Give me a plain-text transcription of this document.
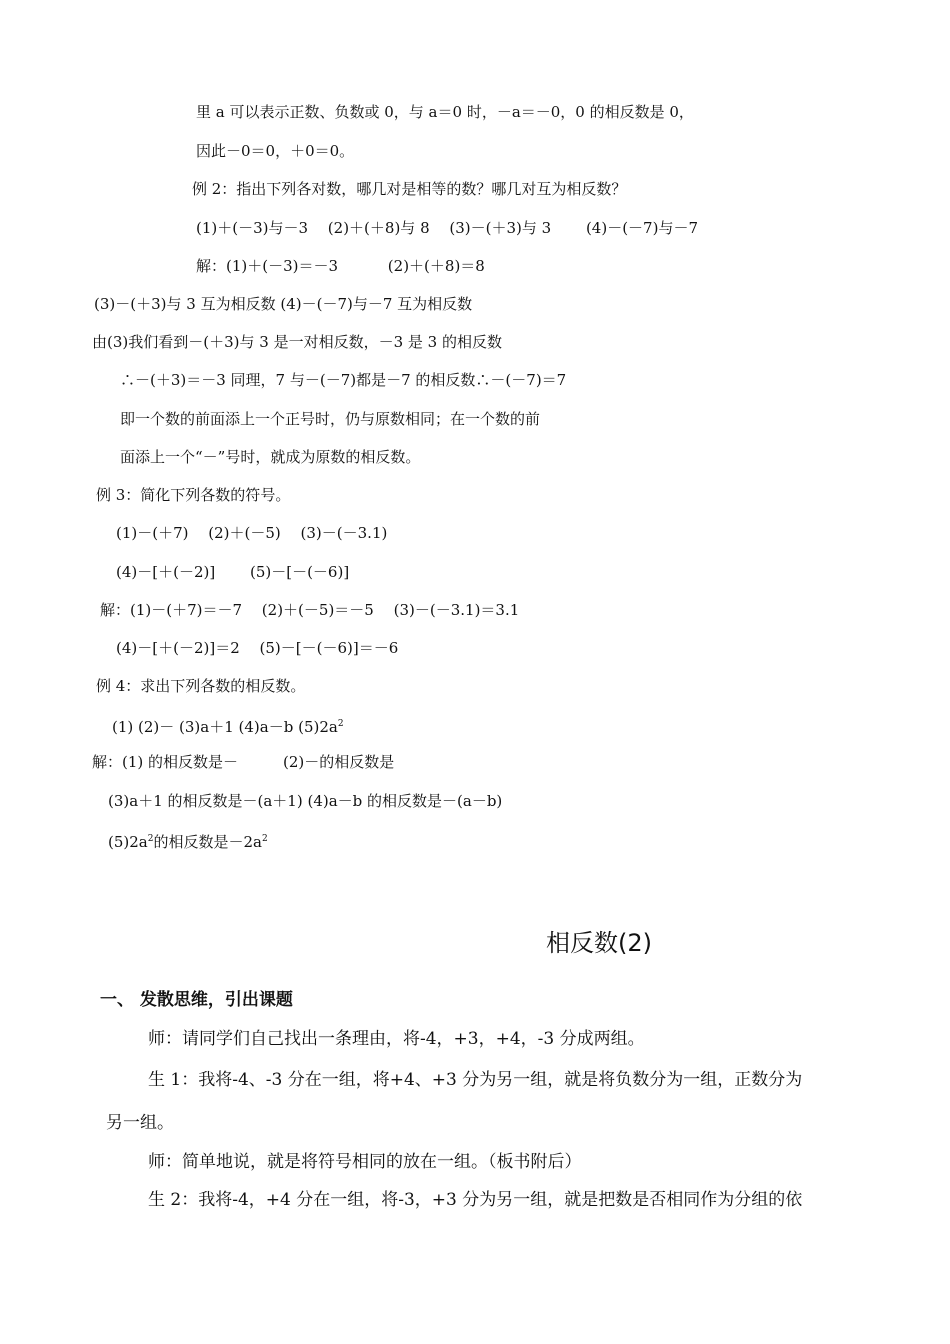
里 a 可以表示正数、负数或 0，与 a＝0 时，－a＝－0，0 的相反数是 0，
因此－0＝0，＋0＝0。
例 2：指出下列各对数，哪几对是相等的数？哪几对互为相反数？
(1)＋(－3)与－3　 (2)＋(＋8)与 8　 (3)－(＋3)与 3　　 (4)－(－7)与－7
解：(1)＋(－3)＝－3　　　 (2)＋(＋8)＝8
(3)－(＋3)与 3 互为相反数 (4)－(－7)与－7 互为相反数
由(3)我们看到－(＋3)与 3 是一对相反数，－3 是 3 的相反数
∴－(＋3)＝－3 同理，7 与－(－7)都是－7 的相反数∴－(－7)＝7
即一个数的前面添上一个正号时，仍与原数相同；在一个数的前
面添上一个“－”号时，就成为原数的相反数。
例 3：简化下列各数的符号。
(1)－(＋7)　 (2)＋(－5)　 (3)－(－3.1)
(4)－[＋(－2)]　　 (5)－[－(－6)]
解：(1)－(＋7)＝－7　 (2)＋(－5)＝－5　 (3)－(－3.1)＝3.1
(4)－[＋(－2)]＝2　 (5)－[－(－6)]＝－6
例 4：求出下列各数的相反数。
(1) (2)－ (3)a＋1 (4)a－b $(5)2a^2$
解：(1) 的相反数是－　　　(2)－的相反数是
(3)a＋1 的相反数是－(a＋1) (4)a－b 的相反数是－(a－b)
$(5)2a^2$的相反数是$-2a^2$
相反数(2)
一、 发散思维，引出课题
师：请同学们自己找出一条理由，将-4，+3，+4，-3 分成两组。
生 1：我将-4、-3 分在一组，将+4、+3 分为另一组，就是将负数分为一组，正数分为
另一组。
师：简单地说，就是将符号相同的放在一组。（板书附后）
生 2：我将-4，+4 分在一组，将-3，+3 分为另一组，就是把数是否相同作为分组的依
